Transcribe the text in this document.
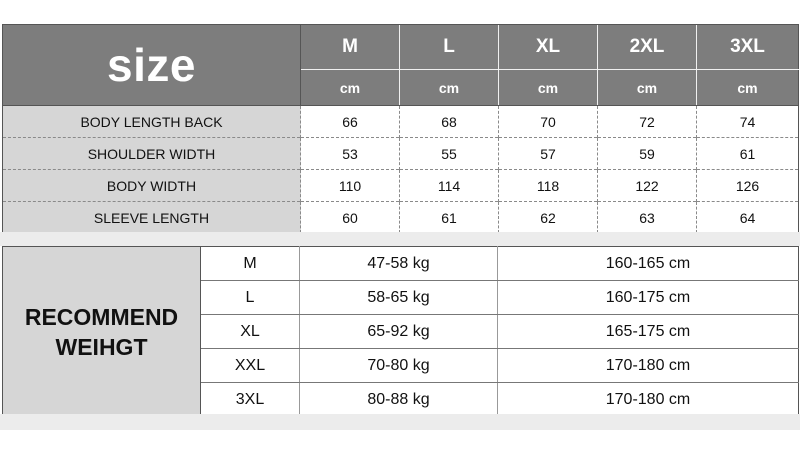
size	M	L	XL	2XL	3XL
	cm	cm	cm	cm	cm
BODY LENGTH BACK	66	68	70	72	74
SHOULDER WIDTH	53	55	57	59	61
BODY WIDTH	110	114	118	122	126
SLEEVE LENGTH	60	61	62	63	64
RECOMMEND
WEIHGT	M	47-58 kg	160-165 cm
	L	58-65 kg	160-175 cm
	XL	65-92 kg	165-175 cm
	XXL	70-80 kg	170-180 cm
	3XL	80-88 kg	170-180 cm
